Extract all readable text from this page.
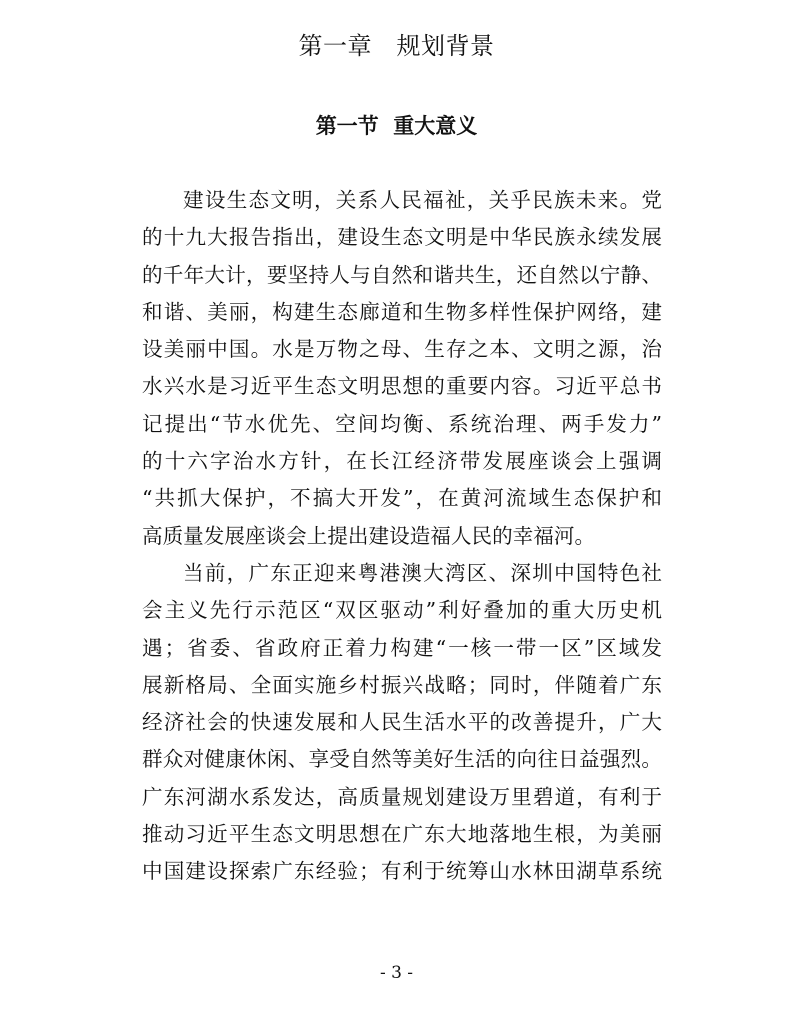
第一章　规划背景
第一节  重大意义
建设生态文明，关系人民福祉，关乎民族未来。党
的十九大报告指出，建设生态文明是中华民族永续发展
的千年大计，要坚持人与自然和谐共生，还自然以宁静、
和谐、美丽，构建生态廊道和生物多样性保护网络，建
设美丽中国。水是万物之母、生存之本、文明之源，治
水兴水是习近平生态文明思想的重要内容。习近平总书
记提出“节水优先、空间均衡、系统治理、两手发力”
的十六字治水方针，在长江经济带发展座谈会上强调
“共抓大保护，不搞大开发”，在黄河流域生态保护和
高质量发展座谈会上提出建设造福人民的幸福河。
当前，广东正迎来粤港澳大湾区、深圳中国特色社
会主义先行示范区“双区驱动”利好叠加的重大历史机
遇；省委、省政府正着力构建“一核一带一区”区域发
展新格局、全面实施乡村振兴战略；同时，伴随着广东
经济社会的快速发展和人民生活水平的改善提升，广大
群众对健康休闲、享受自然等美好生活的向往日益强烈。
广东河湖水系发达，高质量规划建设万里碧道，有利于
推动习近平生态文明思想在广东大地落地生根，为美丽
中国建设探索广东经验；有利于统筹山水林田湖草系统
- 3 -
